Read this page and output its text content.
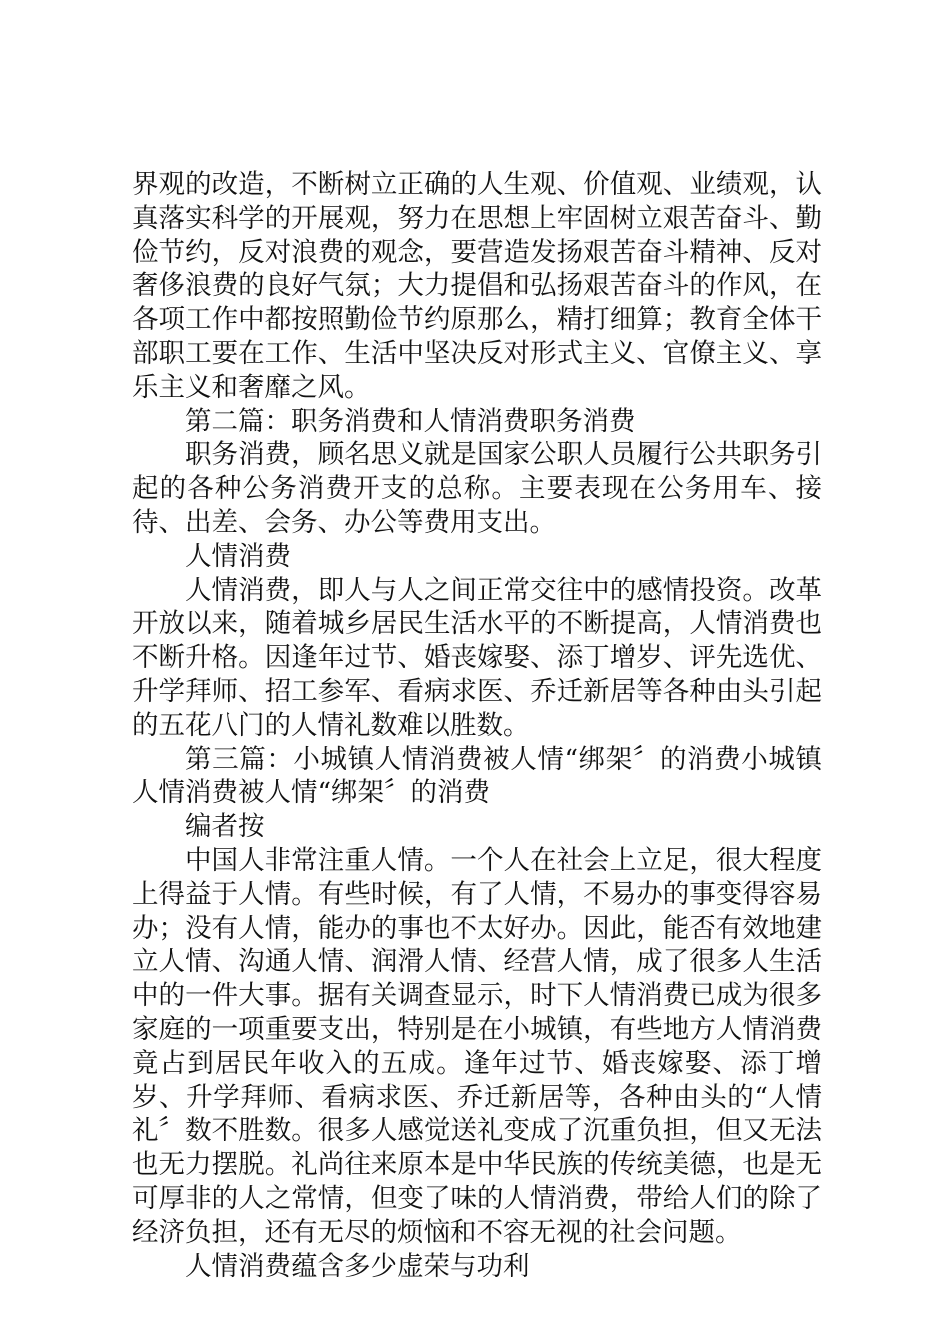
界观的改造，不断树立正确的人生观、价值观、业绩观，认真落实科学的开展观，努力在思想上牢固树立艰苦奋斗、勤俭节约，反对浪费的观念，要营造发扬艰苦奋斗精神、反对奢侈浪费的良好气氛；大力提倡和弘扬艰苦奋斗的作风，在各项工作中都按照勤俭节约原那么，精打细算；教育全体干部职工要在工作、生活中坚决反对形式主义、官僚主义、享乐主义和奢靡之风。

第二篇：职务消费和人情消费职务消费

职务消费，顾名思义就是国家公职人员履行公共职务引起的各种公务消费开支的总称。主要表现在公务用车、接待、出差、会务、办公等费用支出。

人情消费

人情消费，即人与人之间正常交往中的感情投资。改革开放以来，随着城乡居民生活水平的不断提高，人情消费也不断升格。因逢年过节、婚丧嫁娶、添丁增岁、评先选优、升学拜师、招工参军、看病求医、乔迁新居等各种由头引起的五花八门的人情礼数难以胜数。

第三篇：小城镇人情消费被人情“绑架〞的消费小城镇人情消费被人情“绑架〞的消费

编者按

中国人非常注重人情。一个人在社会上立足，很大程度上得益于人情。有些时候，有了人情，不易办的事变得容易办；没有人情，能办的事也不太好办。因此，能否有效地建立人情、沟通人情、润滑人情、经营人情，成了很多人生活中的一件大事。据有关调查显示，时下人情消费已成为很多家庭的一项重要支出，特别是在小城镇，有些地方人情消费竟占到居民年收入的五成。逢年过节、婚丧嫁娶、添丁增岁、升学拜师、看病求医、乔迁新居等，各种由头的“人情礼〞数不胜数。很多人感觉送礼变成了沉重负担，但又无法也无力摆脱。礼尚往来原本是中华民族的传统美德，也是无可厚非的人之常情，但变了味的人情消费，带给人们的除了经济负担，还有无尽的烦恼和不容无视的社会问题。

人情消费蕴含多少虚荣与功利
